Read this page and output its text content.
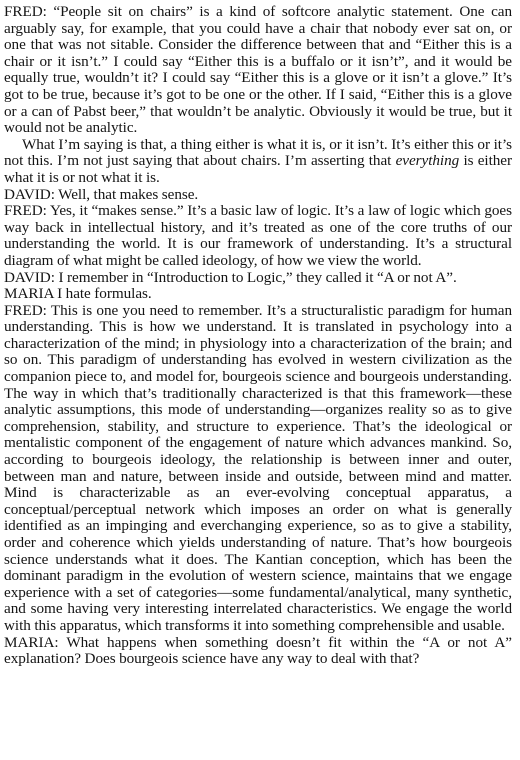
FRED: “People sit on chairs” is a kind of softcore analytic statement. One can arguably say, for example, that you could have a chair that nobody ever sat on, or one that was not sitable. Consider the difference between that and “Either this is a chair or it isn’t.” I could say “Either this is a buffalo or it isn’t”, and it would be equally true, wouldn’t it? I could say “Either this is a glove or it isn’t a glove.” It’s got to be true, because it’s got to be one or the other. If I said, “Either this is a glove or a can of Pabst beer,” that wouldn’t be analytic. Obviously it would be true, but it would not be analytic.

What I’m saying is that, a thing either is what it is, or it isn’t. It’s either this or it’s not this. I’m not just saying that about chairs. I’m asserting that everything is either what it is or not what it is.

DAVID: Well, that makes sense.

FRED: Yes, it “makes sense.” It’s a basic law of logic. It’s a law of logic which goes way back in intellectual history, and it’s treated as one of the core truths of our understanding the world. It is our framework of understanding. It’s a structural diagram of what might be called ideology, of how we view the world.

DAVID: I remember in “Introduction to Logic,” they called it “A or not A”.

MARIA I hate formulas.

FRED: This is one you need to remember. It’s a structuralistic paradigm for human understanding. This is how we understand. It is translated in psychology into a characterization of the mind; in physiology into a characterization of the brain; and so on. This paradigm of understanding has evolved in western civilization as the companion piece to, and model for, bourgeois science and bourgeois understanding. The way in which that’s traditionally characterized is that this framework—these analytic assumptions, this mode of understanding—organizes reality so as to give comprehension, stability, and structure to experience. That’s the ideological or mentalistic component of the engagement of nature which advances mankind. So, according to bourgeois ideology, the relationship is between inner and outer, between man and nature, between inside and outside, between mind and matter. Mind is characterizable as an ever-evolving conceptual apparatus, a conceptual/perceptual network which imposes an order on what is generally identified as an impinging and everchanging experience, so as to give a stability, order and coherence which yields understanding of nature. That’s how bourgeois science understands what it does. The Kantian conception, which has been the dominant paradigm in the evolution of western science, maintains that we engage experience with a set of categories—some fundamental/analytical, many synthetic, and some having very interesting interrelated characteristics. We engage the world with this apparatus, which transforms it into something comprehensible and usable.

MARIA: What happens when something doesn’t fit within the “A or not A” explanation? Does bourgeois science have any way to deal with that?
